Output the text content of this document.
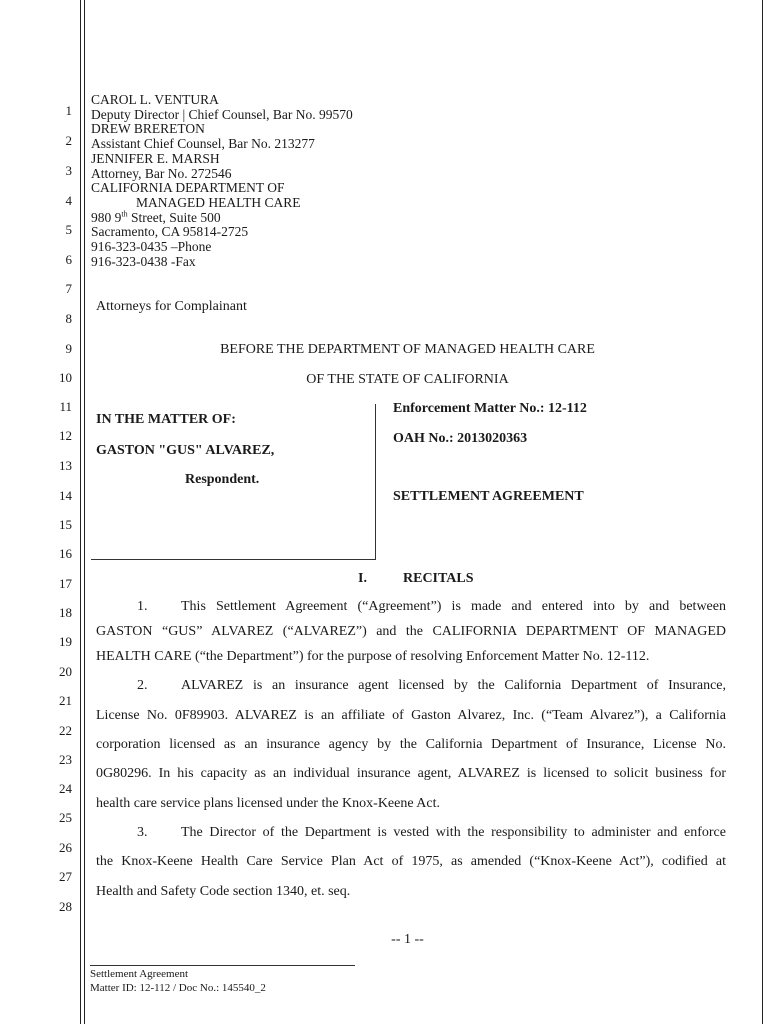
1
2
3
4
5
6
7
8
9
10
11
12
13
14
15
16
17
18
19
20
21
22
23
24
25
26
27
28
CAROL L. VENTURA
Deputy Director | Chief Counsel, Bar No. 99570
DREW BRERETON
Assistant Chief Counsel, Bar No. 213277
JENNIFER E. MARSH
Attorney, Bar No. 272546
CALIFORNIA DEPARTMENT OF
MANAGED HEALTH CARE
980 9th Street, Suite 500
Sacramento, CA 95814-2725
916-323-0435 –Phone
916-323-0438 -Fax
Attorneys for Complainant
BEFORE THE DEPARTMENT OF MANAGED HEALTH CARE
OF THE STATE OF CALIFORNIA
IN THE MATTER OF:
GASTON "GUS" ALVAREZ,
Respondent.
Enforcement Matter No.: 12-112
OAH No.: 2013020363
SETTLEMENT AGREEMENT
I.	RECITALS
1. This Settlement Agreement (“Agreement”) is made and entered into by and between
GASTON “GUS” ALVAREZ (“ALVAREZ”) and the CALIFORNIA DEPARTMENT OF MANAGED
HEALTH CARE (“the Department”) for the purpose of resolving Enforcement Matter No. 12-112.
2. ALVAREZ is an insurance agent licensed by the California Department of Insurance,
License No. 0F89903. ALVAREZ is an affiliate of Gaston Alvarez, Inc. (“Team Alvarez”), a California
corporation licensed as an insurance agency by the California Department of Insurance, License No.
0G80296. In his capacity as an individual insurance agent, ALVAREZ is licensed to solicit business for
health care service plans licensed under the Knox-Keene Act.
3. The Director of the Department is vested with the responsibility to administer and enforce
the Knox-Keene Health Care Service Plan Act of 1975, as amended (“Knox-Keene Act”), codified at
Health and Safety Code section 1340, et. seq.
-- 1 --
Settlement Agreement
Matter ID: 12-112 / Doc No.: 145540_2
